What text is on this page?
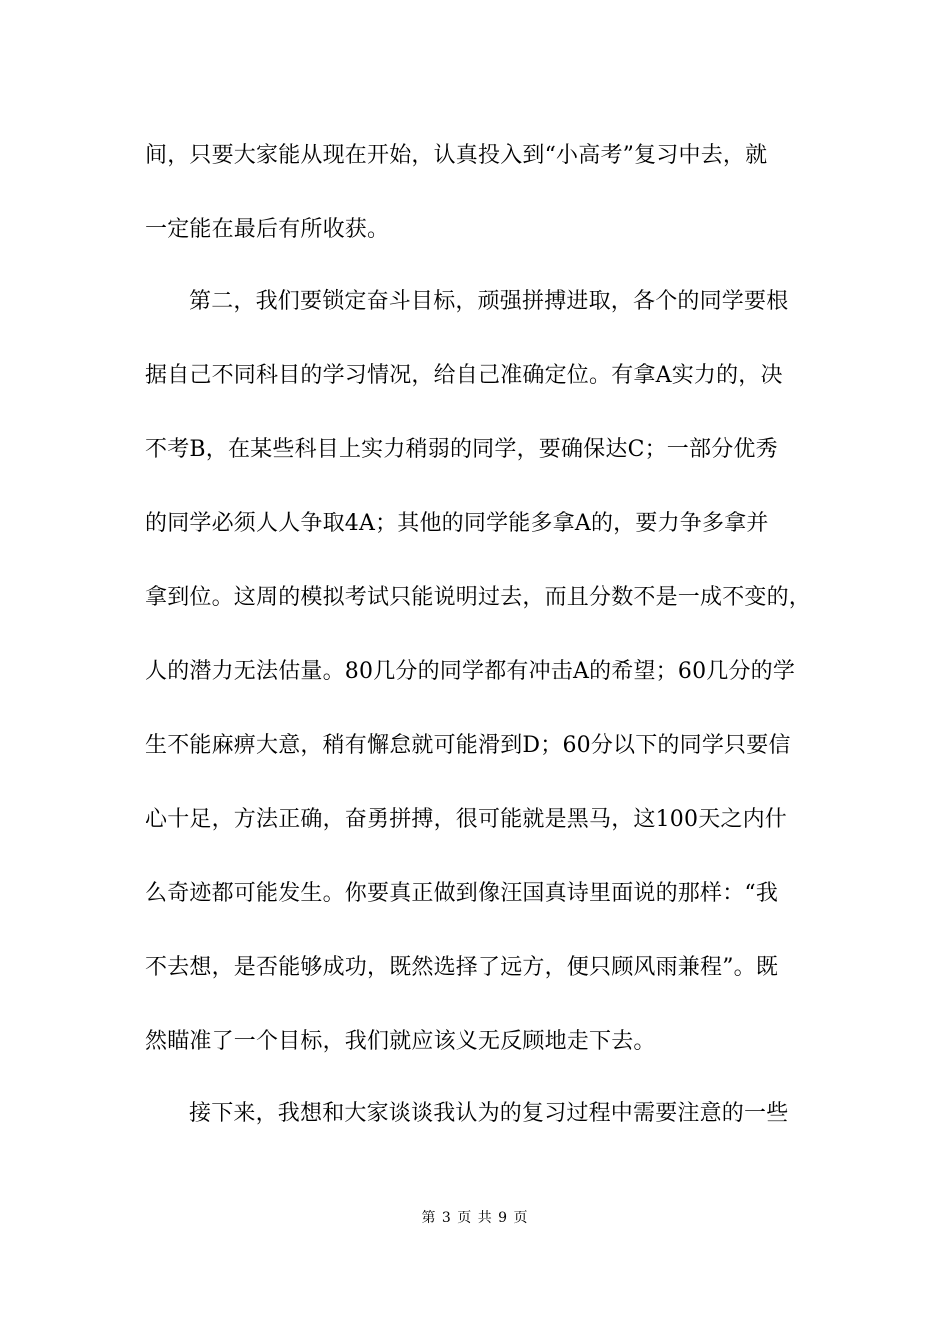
间，只要大家能从现在开始，认真投入到“小高考”复习中去，就
一定能在最后有所收获。
第二，我们要锁定奋斗目标，顽强拼搏进取，各个的同学要根
据自己不同科目的学习情况，给自己准确定位。有拿A实力的，决
不考B，在某些科目上实力稍弱的同学，要确保达C；一部分优秀
的同学必须人人争取4A；其他的同学能多拿A的，要力争多拿并
拿到位。这周的模拟考试只能说明过去，而且分数不是一成不变的，
人的潜力无法估量。80几分的同学都有冲击A的希望；60几分的学
生不能麻痹大意，稍有懈怠就可能滑到D；60分以下的同学只要信
心十足，方法正确，奋勇拼搏，很可能就是黑马，这100天之内什
么奇迹都可能发生。你要真正做到像汪国真诗里面说的那样：“我
不去想，是否能够成功，既然选择了远方，便只顾风雨兼程”。既
然瞄准了一个目标，我们就应该义无反顾地走下去。
接下来，我想和大家谈谈我认为的复习过程中需要注意的一些
第 3 页 共 9 页
